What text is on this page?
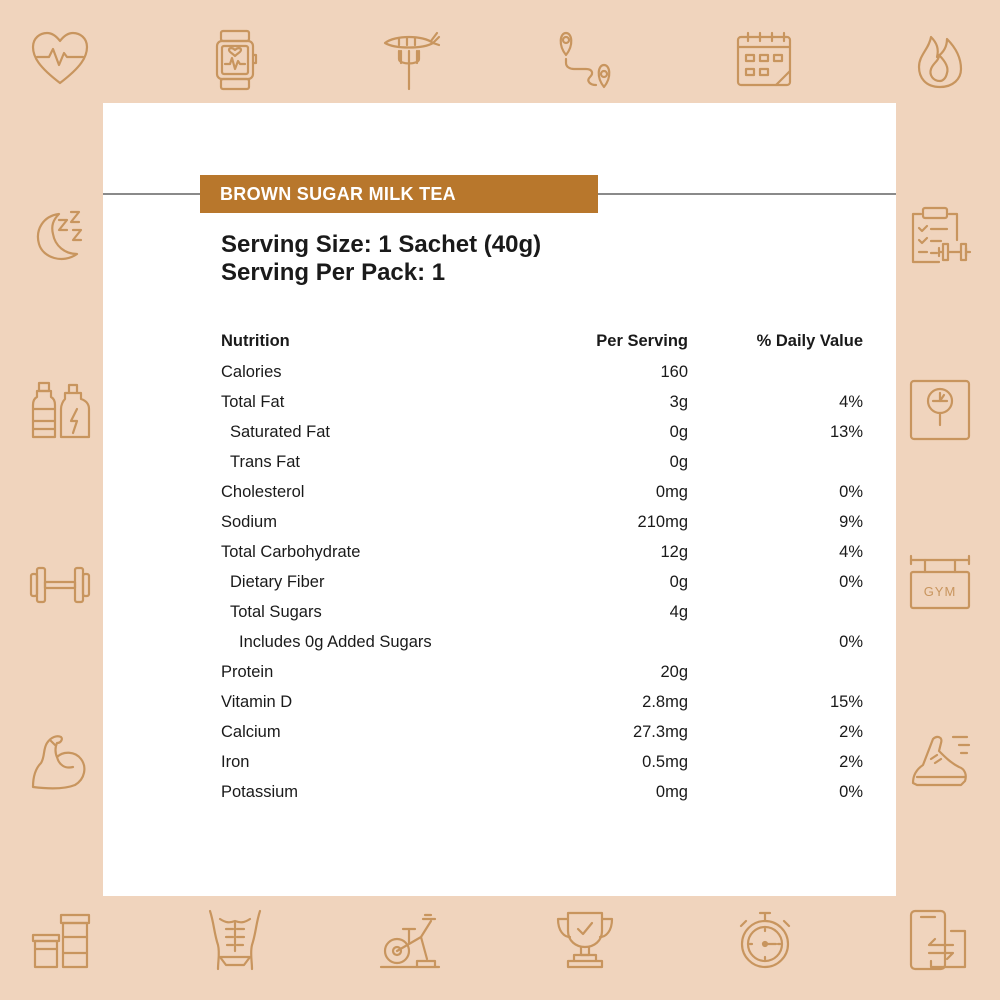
GYM
BROWN SUGAR MILK TEA
Serving Size: 1 Sachet (40g)
Serving Per Pack: 1
Nutrition	Per Serving	% Daily Value
Calories	160	
Total Fat	3g	4%
Saturated Fat	0g	13%
Trans Fat	0g	
Cholesterol	0mg	0%
Sodium	210mg	9%
Total Carbohydrate	12g	4%
Dietary Fiber	0g	0%
Total Sugars	4g	
Includes 0g Added Sugars		0%
Protein	20g	
Vitamin D	2.8mg	15%
Calcium	27.3mg	2%
Iron	0.5mg	2%
Potassium	0mg	0%
